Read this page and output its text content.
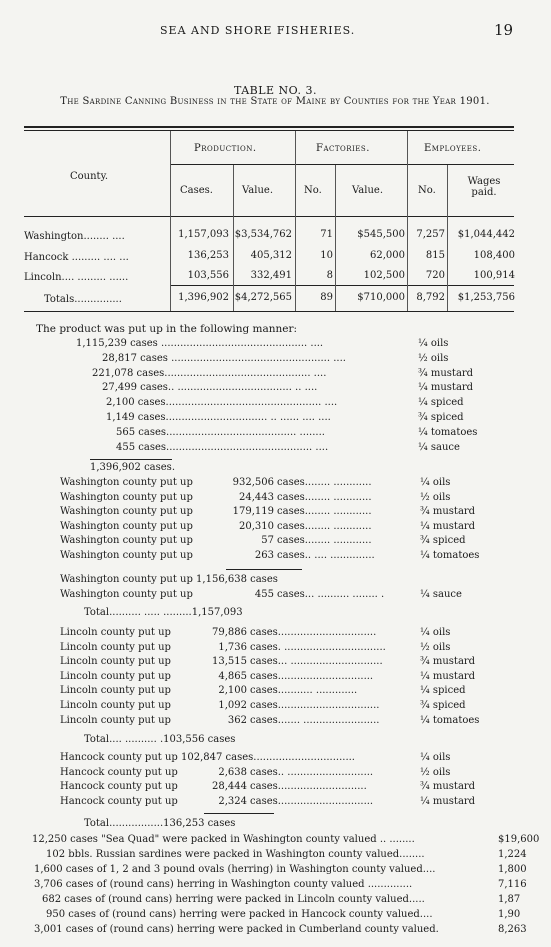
SEA AND SHORE FISHERIES.	19
TABLE NO. 3.
The Sardine Canning Business in the State of Maine by Counties for the Year 1901.
County.
Production.	Factories.	Employees.
Cases.	Value.	No.	Value.	No.
Wages paid.
Washington........ ....	1,157,093 $3,534,762	71	$545,500	7,257	$1,044,442
Hancock ......... .... ...	136,253	405,312	10	62,000	815	108,400
Lincoln.... ......... ......	103,556	332,491	8	102,500	720	100,914
Totals...............	1,396,902 $4,272,565	89	$710,000	8,792	$1,253,756
The product was put up in the following manner:
1,115,239 cases .............................................. ....	¼ oils
28,817 cases .................................................. ....	½ oils
221,078 cases.............................................. ....	¾ mustard
27,499 cases.. .................................... .. ....	¼ mustard
2,100 cases................................................. ....	¼ spiced
1,149 cases................................ .. ...... .... ....	¾ spiced
565 cases......................................... ........	¼ tomatoes
455 cases.............................................. ....	¼ sauce
1,396,902 cases.
Washington county put up	932,506 cases........ ............	¼ oils
Washington county put up	24,443 cases........ ............	½ oils
Washington county put up	179,119 cases........ ............	¾ mustard
Washington county put up	20,310 cases........ ............	¼ mustard
Washington county put up	57 cases........ ............	¾ spiced
Washington county put up	263 cases.. .... ..............	¼ tomatoes
Washington county put up 1,156,638 cases
Washington county put up	455 cases... .......... ........ .	¼ sauce
Total.......... ..... .........1,157,093
Lincoln county put up	79,886 cases...............................	¼ oils
Lincoln county put up	1,736 cases. ................................	½ oils
Lincoln county put up	13,515 cases... .............................	¾ mustard
Lincoln county put up	4,865 cases..............................	¼ mustard
Lincoln county put up	2,100 cases........... .............	¼ spiced
Lincoln county put up	1,092 cases................................	¾ spiced
Lincoln county put up	362 cases....... ........................	¼ tomatoes
Total.... .......... .103,556 cases
Hancock county put up 102,847 cases................................	¼ oils
Hancock county put up	2,638 cases.. ...........................	½ oils
Hancock county put up	28,444 cases............................	¾ mustard
Hancock county put up	2,324 cases..............................	¼ mustard
Total.................136,253 cases
12,250 cases "Sea Quad" were packed in Washington county valued .. ........	$19,600
102 bbls. Russian sardines were packed in Washington county valued........	1,224
1,600 cases of 1, 2 and 3 pound ovals (herring) in Washington county valued....	1,800
3,706 cases of (round cans) herring in Washington county valued ..............	7,116
682 cases of (round cans) herring were packed in Lincoln county valued.....	1,87
950 cases of (round cans) herring were packed in Hancock county valued....	1,90
3,001 cases of (round cans) herring were packed in Cumberland county valued.	8,263
